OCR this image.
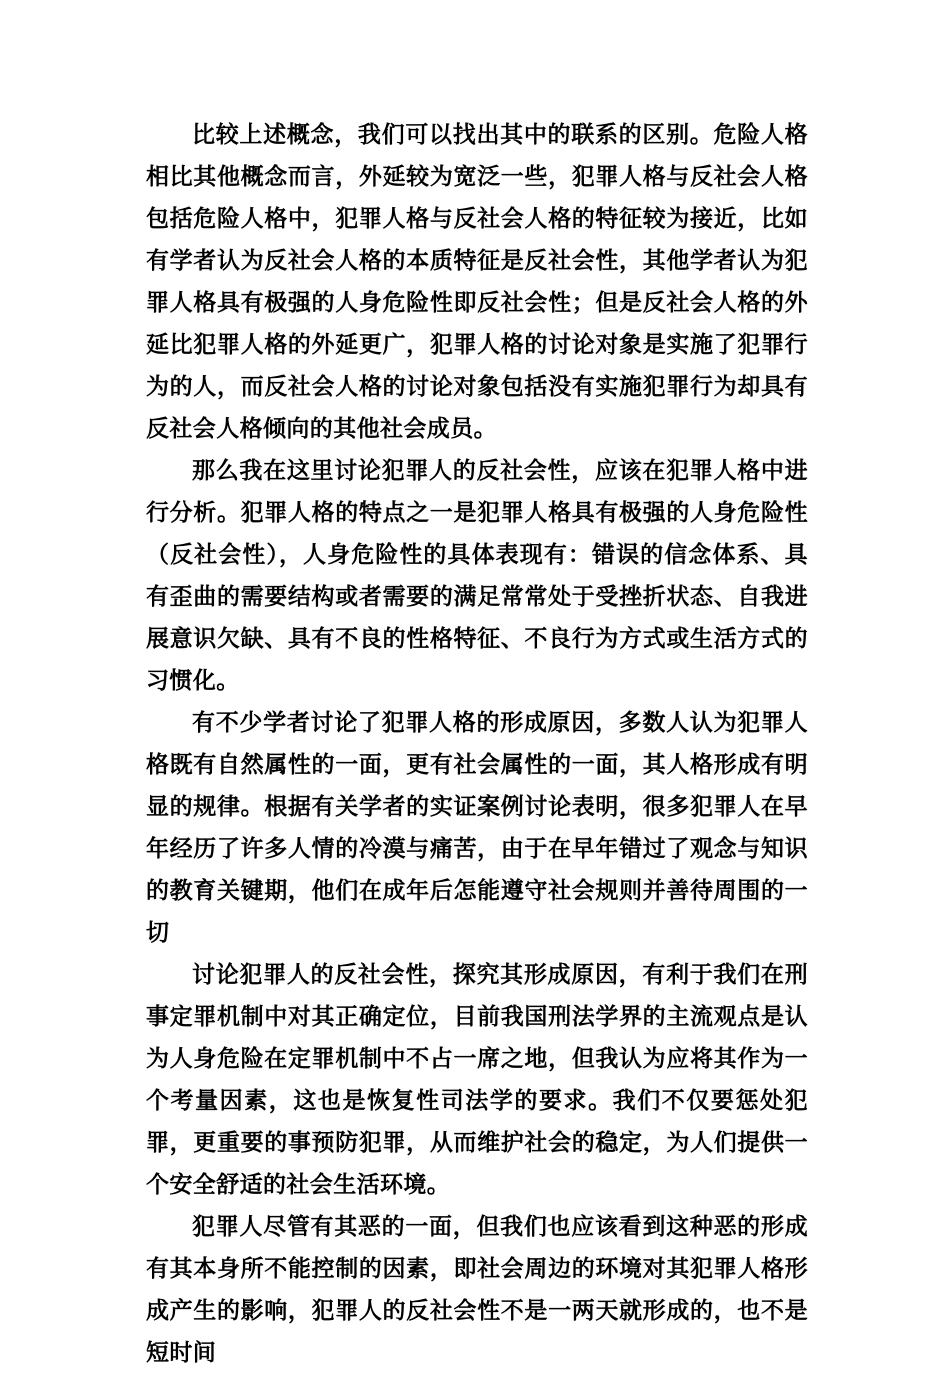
比较上述概念，我们可以找出其中的联系的区别。危险人格相比其他概念而言，外延较为宽泛一些，犯罪人格与反社会人格包括危险人格中，犯罪人格与反社会人格的特征较为接近，比如有学者认为反社会人格的本质特征是反社会性，其他学者认为犯罪人格具有极强的人身危险性即反社会性；但是反社会人格的外延比犯罪人格的外延更广，犯罪人格的讨论对象是实施了犯罪行为的人，而反社会人格的讨论对象包括没有实施犯罪行为却具有反社会人格倾向的其他社会成员。

那么我在这里讨论犯罪人的反社会性，应该在犯罪人格中进行分析。犯罪人格的特点之一是犯罪人格具有极强的人身危险性（反社会性），人身危险性的具体表现有：错误的信念体系、具有歪曲的需要结构或者需要的满足常常处于受挫折状态、自我进展意识欠缺、具有不良的性格特征、不良行为方式或生活方式的习惯化。

有不少学者讨论了犯罪人格的形成原因，多数人认为犯罪人格既有自然属性的一面，更有社会属性的一面，其人格形成有明显的规律。根据有关学者的实证案例讨论表明，很多犯罪人在早年经历了许多人情的冷漠与痛苦，由于在早年错过了观念与知识的教育关键期，他们在成年后怎能遵守社会规则并善待周围的一切

讨论犯罪人的反社会性，探究其形成原因，有利于我们在刑事定罪机制中对其正确定位，目前我国刑法学界的主流观点是认为人身危险在定罪机制中不占一席之地，但我认为应将其作为一个考量因素，这也是恢复性司法学的要求。我们不仅要惩处犯罪，更重要的事预防犯罪，从而维护社会的稳定，为人们提供一个安全舒适的社会生活环境。

犯罪人尽管有其恶的一面，但我们也应该看到这种恶的形成有其本身所不能控制的因素，即社会周边的环境对其犯罪人格形成产生的影响，犯罪人的反社会性不是一两天就形成的，也不是短时间
